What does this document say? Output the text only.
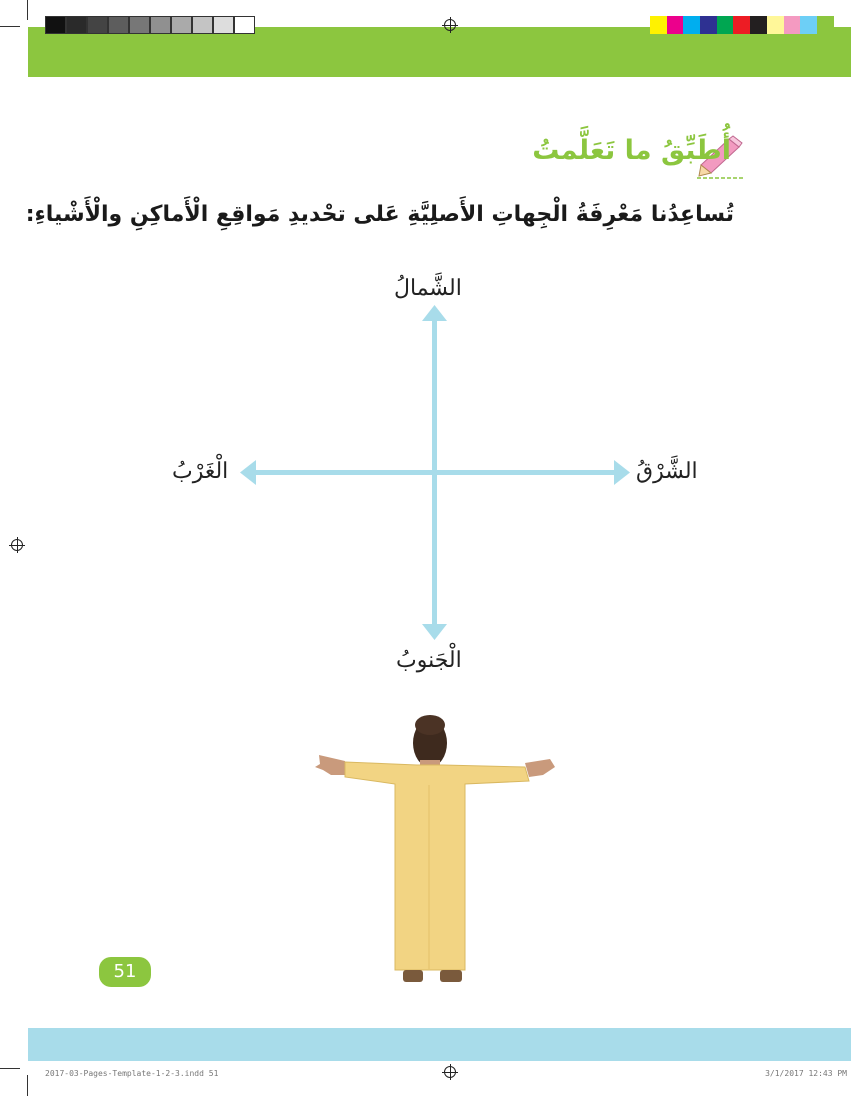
أُطَبِّقُ ما تَعَلَّمتُ
تُساعِدُنا مَعْرِفَةُ الْجِهاتِ الأَصلِيَّةِ عَلى تحْديدِ مَواقِعِ الْأَماكِنِ والْأَشْياءِ:
الشَّمالُ
الْجَنوبُ
الشَّرْقُ
الْغَرْبُ
51
2017-03-Pages-Template-1-2-3.indd 51	3/1/2017 12:43 PM
